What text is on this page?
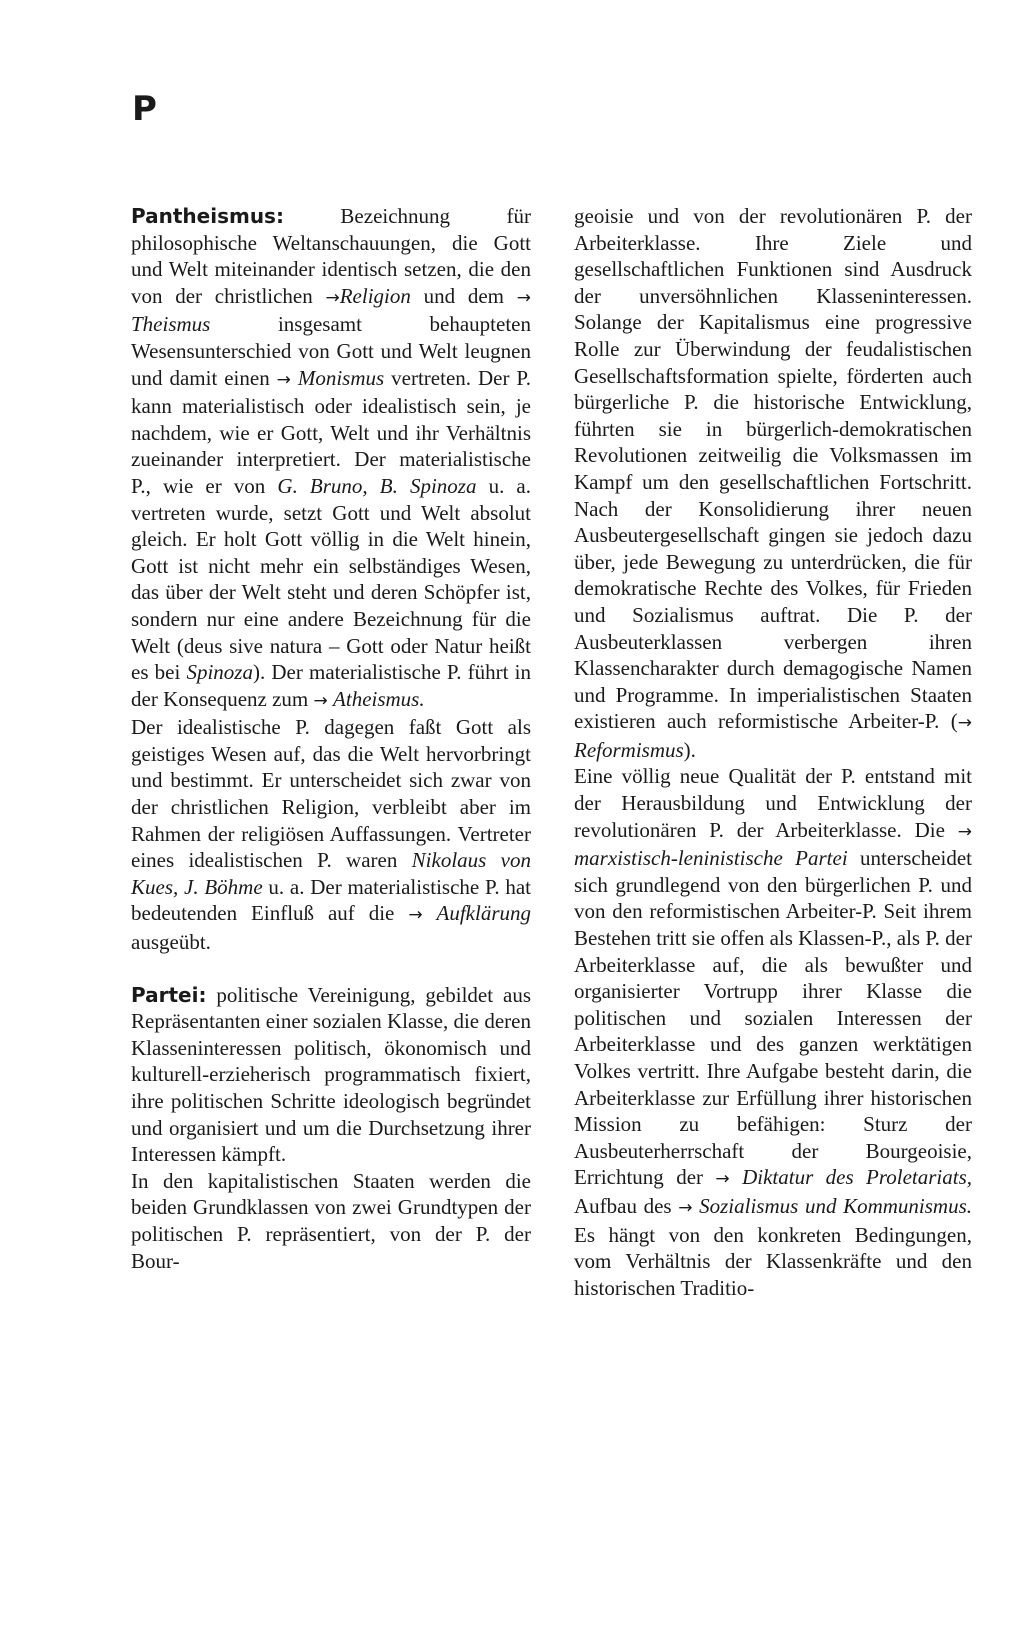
P

Pantheismus: Bezeichnung für philosophische Weltanschauungen, die Gott und Welt miteinander identisch setzen, die den von der christlichen →Religion und dem → Theismus insgesamt behaupteten Wesensunterschied von Gott und Welt leugnen und damit einen → Monismus vertreten. Der P. kann materialistisch oder idealistisch sein, je nachdem, wie er Gott, Welt und ihr Verhältnis zueinander interpretiert. Der materialistische P., wie er von G. Bruno, B. Spinoza u. a. vertreten wurde, setzt Gott und Welt absolut gleich. Er holt Gott völlig in die Welt hinein, Gott ist nicht mehr ein selbständiges Wesen, das über der Welt steht und deren Schöpfer ist, sondern nur eine andere Bezeichnung für die Welt (deus sive natura – Gott oder Natur heißt es bei Spinoza). Der materialistische P. führt in der Konsequenz zum → Atheismus.

Der idealistische P. dagegen faßt Gott als geistiges Wesen auf, das die Welt hervorbringt und bestimmt. Er unterscheidet sich zwar von der christlichen Religion, verbleibt aber im Rahmen der religiösen Auffassungen. Vertreter eines idealistischen P. waren Nikolaus von Kues, J. Böhme u. a. Der materialistische P. hat bedeutenden Einfluß auf die → Aufklärung ausgeübt.

Partei: politische Vereinigung, gebildet aus Repräsentanten einer sozialen Klasse, die deren Klasseninteressen politisch, ökonomisch und kulturell-erzieherisch programmatisch fixiert, ihre politischen Schritte ideologisch begründet und organisiert und um die Durchsetzung ihrer Interessen kämpft.

In den kapitalistischen Staaten werden die beiden Grundklassen von zwei Grundtypen der politischen P. repräsentiert, von der P. der Bour-

geoisie und von der revolutionären P. der Arbeiterklasse. Ihre Ziele und gesellschaftlichen Funktionen sind Ausdruck der unversöhnlichen Klasseninteressen. Solange der Kapitalismus eine progressive Rolle zur Überwindung der feudalistischen Gesellschaftsformation spielte, förderten auch bürgerliche P. die historische Entwicklung, führten sie in bürgerlich-demokratischen Revolutionen zeitweilig die Volksmassen im Kampf um den gesellschaftlichen Fortschritt. Nach der Konsolidierung ihrer neuen Ausbeutergesellschaft gingen sie jedoch dazu über, jede Bewegung zu unterdrücken, die für demokratische Rechte des Volkes, für Frieden und Sozialismus auftrat. Die P. der Ausbeuterklassen verbergen ihren Klassencharakter durch demagogische Namen und Programme. In imperialistischen Staaten existieren auch reformistische Arbeiter-P. (→ Reformismus).

Eine völlig neue Qualität der P. entstand mit der Herausbildung und Entwicklung der revolutionären P. der Arbeiterklasse. Die → marxistisch-leninistische Partei unterscheidet sich grundlegend von den bürgerlichen P. und von den reformistischen Arbeiter-P. Seit ihrem Bestehen tritt sie offen als Klassen-P., als P. der Arbeiterklasse auf, die als bewußter und organisierter Vortrupp ihrer Klasse die politischen und sozialen Interessen der Arbeiterklasse und des ganzen werktätigen Volkes vertritt. Ihre Aufgabe besteht darin, die Arbeiterklasse zur Erfüllung ihrer historischen Mission zu befähigen: Sturz der Ausbeuterherrschaft der Bourgeoisie, Errichtung der → Diktatur des Proletariats, Aufbau des → Sozialismus und Kommunismus. Es hängt von den konkreten Bedingungen, vom Verhältnis der Klassenkräfte und den historischen Traditio-
